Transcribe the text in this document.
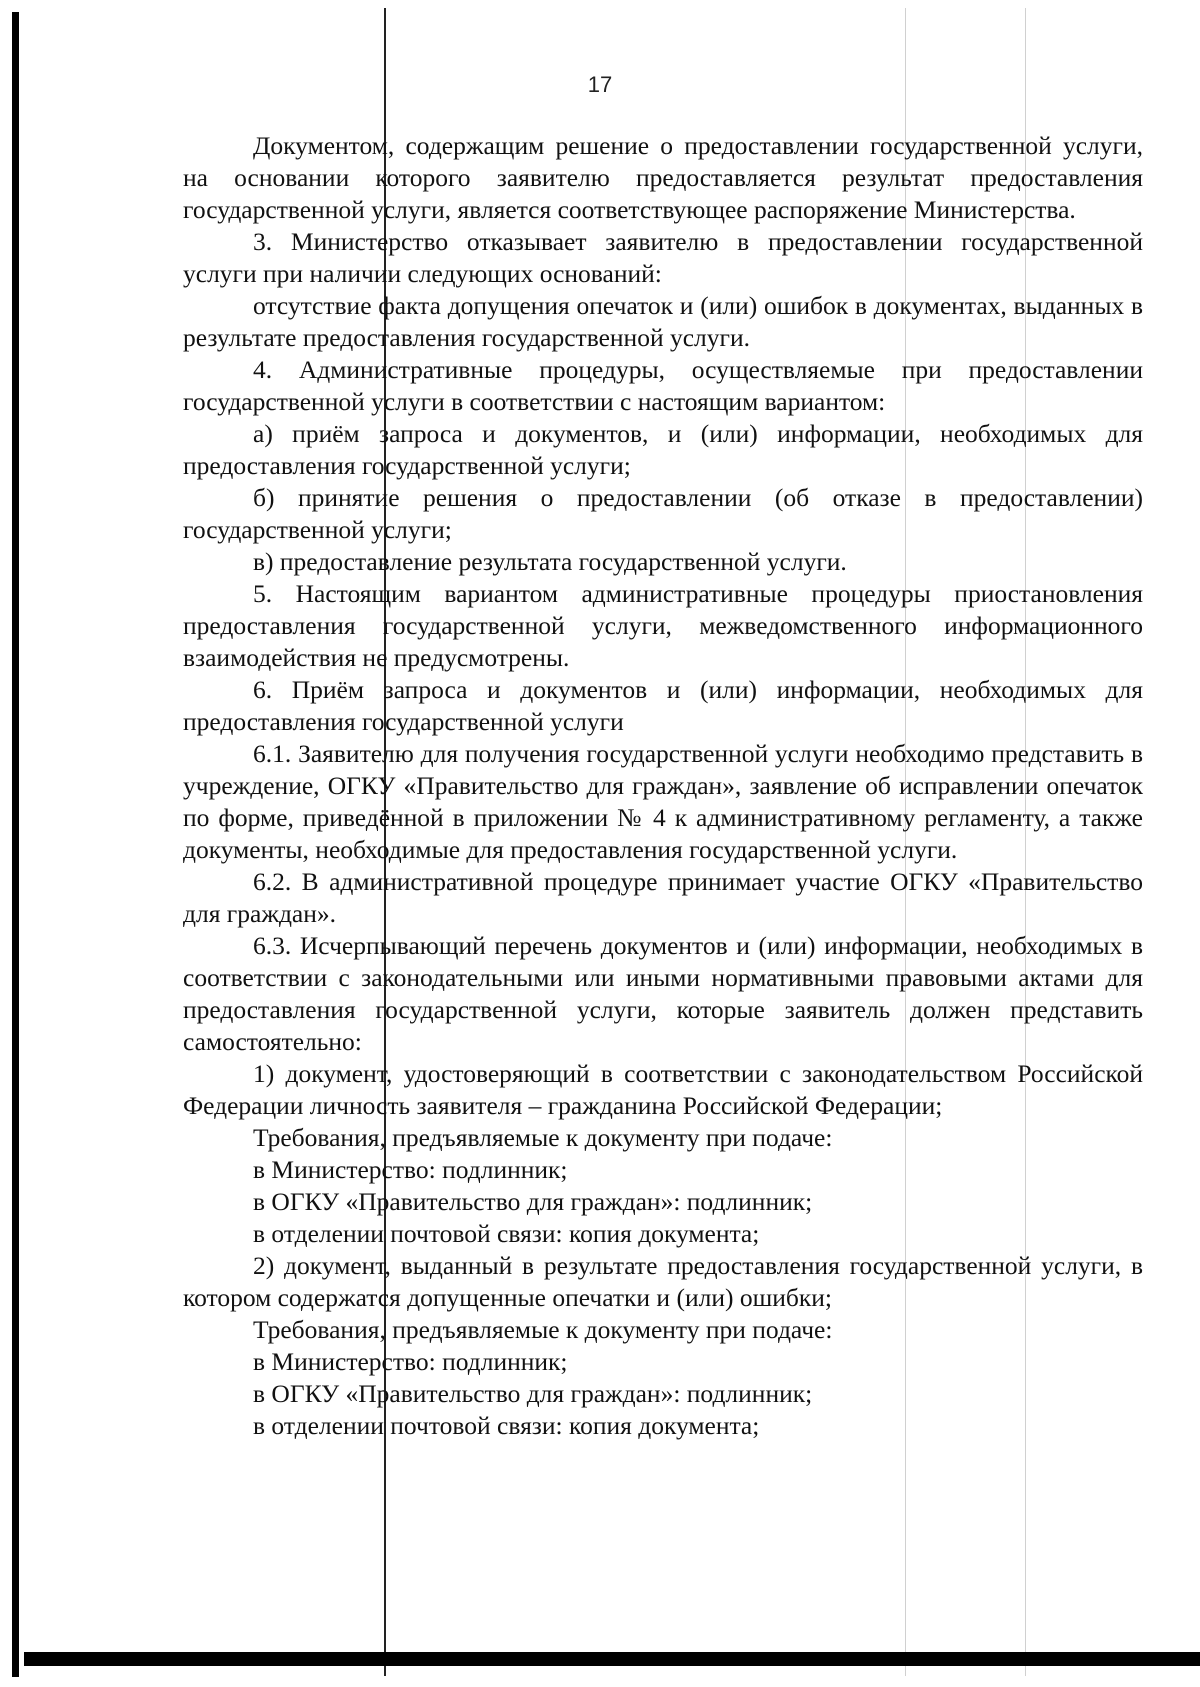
17

Документом, содержащим решение о предоставлении государственной услуги, на основании которого заявителю предоставляется результат предоставления государственной услуги, является соответствующее распоряжение Министерства.

3. Министерство отказывает заявителю в предоставлении государственной услуги при наличии следующих оснований:

отсутствие факта допущения опечаток и (или) ошибок в документах, выданных в результате предоставления государственной услуги.

4. Административные процедуры, осуществляемые при предоставлении государственной услуги в соответствии с настоящим вариантом:

а) приём запроса и документов, и (или) информации, необходимых для предоставления государственной услуги;

б) принятие решения о предоставлении (об отказе в предоставлении) государственной услуги;

в) предоставление результата государственной услуги.

5. Настоящим вариантом административные процедуры приостановления предоставления государственной услуги, межведомственного информационного взаимодействия не предусмотрены.

6. Приём запроса и документов и (или) информации, необходимых для предоставления государственной услуги

6.1. Заявителю для получения государственной услуги необходимо представить в учреждение, ОГКУ «Правительство для граждан», заявление об исправлении опечаток по форме, приведённой в приложении № 4 к административному регламенту, а также документы, необходимые для предоставления государственной услуги.

6.2. В административной процедуре принимает участие ОГКУ «Правительство для граждан».

6.3. Исчерпывающий перечень документов и (или) информации, необходимых в соответствии с законодательными или иными нормативными правовыми актами для предоставления государственной услуги, которые заявитель должен представить самостоятельно:

1) документ, удостоверяющий в соответствии с законодательством Российской Федерации личность заявителя – гражданина Российской Федерации;

Требования, предъявляемые к документу при подаче:

в Министерство: подлинник;

в ОГКУ «Правительство для граждан»: подлинник;

в отделении почтовой связи: копия документа;

2) документ, выданный в результате предоставления государственной услуги, в котором содержатся допущенные опечатки и (или) ошибки;

Требования, предъявляемые к документу при подаче:

в Министерство: подлинник;

в ОГКУ «Правительство для граждан»: подлинник;

в отделении почтовой связи: копия документа;
